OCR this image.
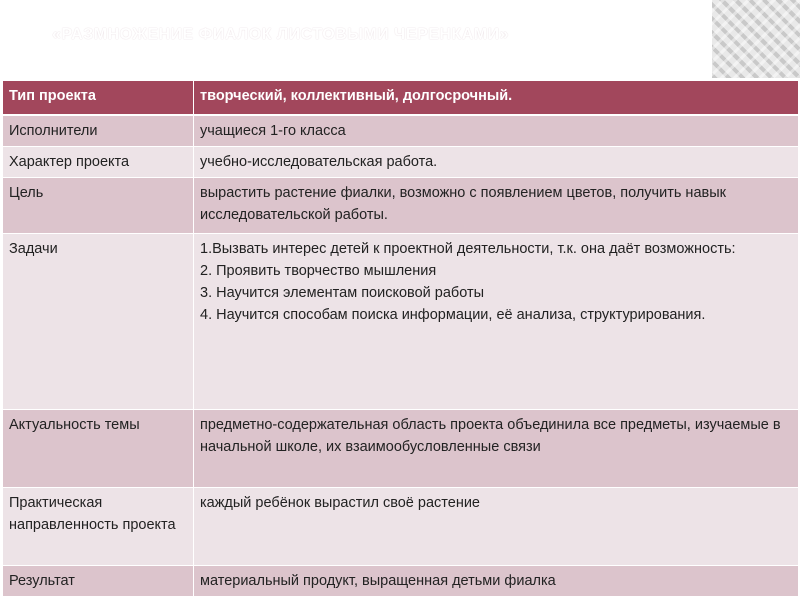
«РАЗМНОЖЕНИЕ ФИАЛОК ЛИСТОВЫМИ ЧЕРЕНКАМИ»
Тип проекта	творческий, коллективный, долгосрочный.
Исполнители	учащиеся 1-го класса
Характер проекта	учебно-исследовательская работа.
Цель	вырастить растение фиалки, возможно с появлением цветов, получить навык исследовательской работы.
Задачи	1.Вызвать интерес детей к проектной деятельности, т.к. она даёт возможность:
2. Проявить творчество мышления
3. Научится элементам поисковой работы
4. Научится способам поиска информации, её анализа, структурирования.

Актуальность темы	предметно-содержательная область проекта объединила все предметы, изучаемые в начальной школе, их взаимообусловленные связи
Практическая направленность проекта	каждый ребёнок вырастил своё растение
Результат	материальный продукт, выращенная детьми фиалка
